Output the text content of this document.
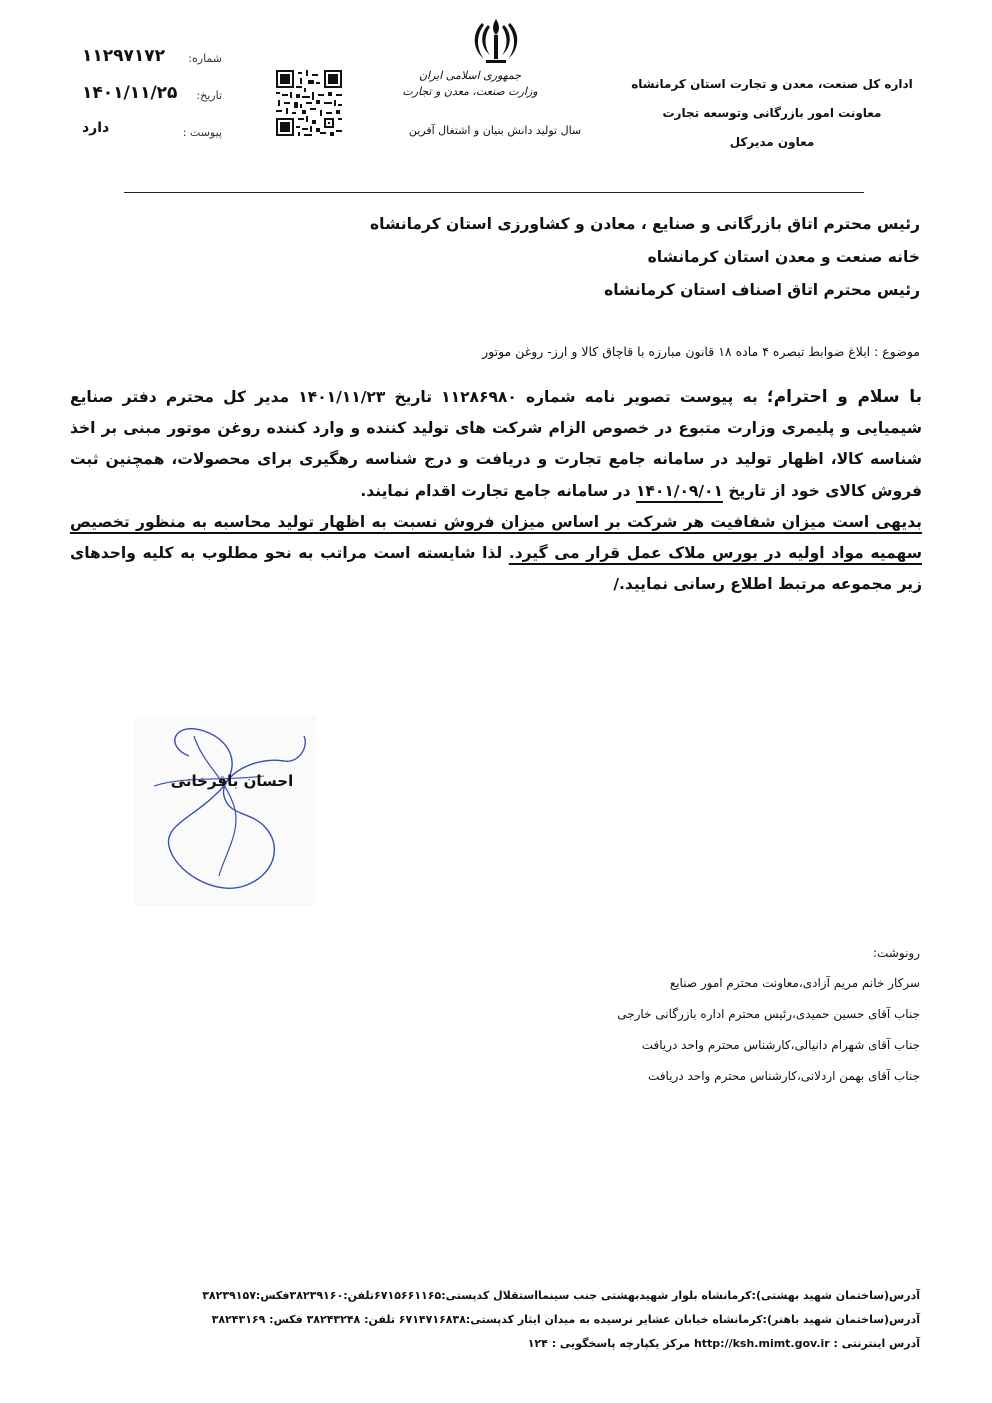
اداره کل صنعت، معدن و تجارت استان کرمانشاه
معاونت امور بازرگانی وتوسعه تجارت
معاون مدیرکل
جمهوری اسلامی ایران
وزارت صنعت، معدن و تجارت
سال تولید دانش بنیان و اشتغال آفرین
شماره:
۱۱۲۹۷۱۷۲
تاریخ:
۱۴۰۱/۱۱/۲۵
پیوست :
دارد
رئیس محترم اتاق بازرگانی و صنایع ، معادن و کشاورزی استان کرمانشاه
خانه صنعت و معدن استان کرمانشاه
رئیس محترم اتاق اصناف استان کرمانشاه
موضوع : ابلاغ ضوابط تبصره ۴ ماده ۱۸ قانون مبارزه با قاچاق کالا و ارز- روغن موتور

با سلام و احترام؛ به پیوست تصویر نامه شماره ۱۱۲۸۶۹۸۰ تاریخ ۱۴۰۱/۱۱/۲۳ مدیر کل محترم دفتر صنایع شیمیایی و پلیمری وزارت متبوع در خصوص الزام شرکت های تولید کننده و وارد کننده روغن موتور مبنی بر اخذ شناسه کالا، اظهار تولید در سامانه جامع تجارت و دریافت و درج شناسه رهگیری برای محصولات، همچنین ثبت فروش کالای خود از تاریخ ۱۴۰۱/۰۹/۰۱ در سامانه جامع تجارت اقدام نمایند.

بدیهی است میزان شفافیت هر شرکت بر اساس میزان فروش نسبت به اظهار تولید محاسبه به منظور تخصیص سهمیه مواد اولیه در بورس ملاک عمل قرار می گیرد. لذا شایسته است مراتب به نحو مطلوب به کلیه واحدهای زیر مجموعه مرتبط اطلاع رسانی نمایید./

احسان باقرخانی
رونوشت:
سرکار خانم مریم آزادی،معاونت محترم امور صنایع
جناب آقای حسین حمیدی،رئیس محترم اداره بازرگانی خارجی
جناب آقای شهرام دانیالی،کارشناس محترم واحد دریافت
جناب آقای بهمن اردلانی،کارشناس محترم واحد دریافت
آدرس(ساختمان شهید بهشتی):کرمانشاه بلوار شهیدبهشتی جنب سینمااستقلال کدپستی:۶۷۱۵۶۶۱۱۶۵تلفن:۳۸۲۳۹۱۶۰فکس:۳۸۲۳۹۱۵۷
آدرس(ساختمان شهید باهنر):کرمانشاه خیابان عشایر نرسیده به میدان ایثار کدپستی:۶۷۱۴۷۱۶۸۳۸ تلفن: ۳۸۲۴۳۲۴۸ فکس: ۳۸۲۴۳۱۶۹
آدرس اینترنتی : http://ksh.mimt.gov.ir مرکز یکپارچه پاسخگویی : ۱۲۴
